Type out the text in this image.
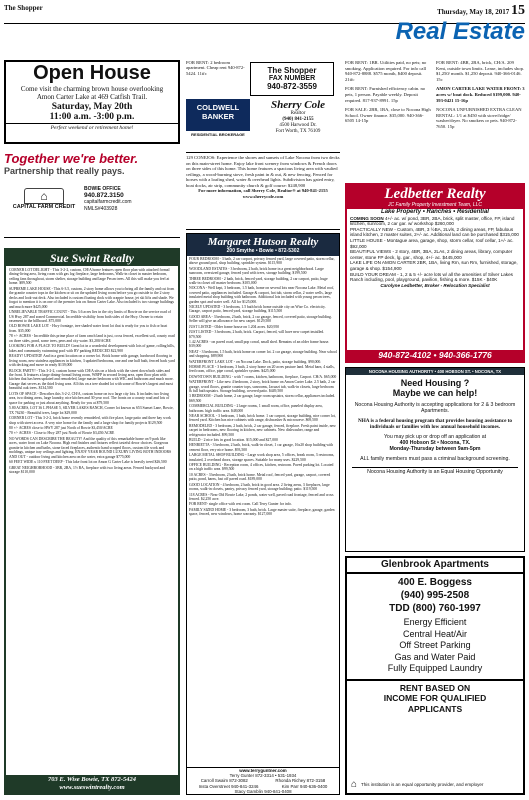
The Shopper	Thursday, May 18, 2017 15
Real Estate
Open House
Come visit the charming brown house overlooking Amon Carter Lake at 469 Catfish Trail.
Saturday, May 20th
11:00 a.m. -3:00 p.m.
Perfect weekend or retirement home!
Together we're better.
Partnership that really pays.
⌂
CAPITAL FARM CREDIT
BOWIE OFFICE
940.872.3150
capitalfarmcredit.com
NMLS#403928
Sue Swint Realty

CORNER LOT DELIGHT - This 3-2-2, custom, CH/A home features open floor plan with attached formal dining-living area, living room with gas log fireplace, large bedrooms, Walk-in closet in master bedroom, ceiling fans throughout, storm shelter, storage building and large Pecan trees. All this will make you feel at home. $89,500

SUPREME LAKE HOUSE - This 6-3.5, custom, 2 story home allows you to bring all the family and cut from the granite counter tops in the kitchen or sit on the updated living room before you go outside to the 2 story decks and look-out deck. Also included is custom floating dock with crappie house, jet ski lifts and shade. We forgot to mention it is on one of the premier lots on Amon Carter Lake. Also included is two storage buildings and much more $425,000

UNBELIEVABLE TRAFFIC COUNT - This 3.6 acres lies in the city limits of Bowie on the service road of US Hwy 287 and zoned Commercial. Incredible visibility from both sides of the Hwy. Owner to retain easement to the billboard. $75,000

OLD BOWIE LAKE LOT - Hwy frontage, tree shaded water front lot that is ready for you to fish or boat from. $35,000

78 +/- ACRES - Incredible this prime place of farm ranch land is just, cross fenced, excellent soil, county road on three sides, pond, some trees, pens and city water. $3,200/ACRE

LOOKING FOR A PLACE TO BUILD? Great lot in a wonderful development with lots of game, rolling hills, lakes and community swimming pool with RV parking REDUCED $22,900

READY! UPDATED! And in a great location on a corner lot. Brick home with garage, hardwood flooring in living room, new stainless appliances in kitchen, 3 updated bedrooms, one and one half bath, fenced back yard with decking and move in ready $139,000

BLOCK PARTY! - This 3-2-2, custom home with CH/A sits on a block with the street down both sides and the front. It features a large dining-formal living room, WBFP in second living area, open floor plan with kitchen that has been updated and remodeled, large master bedroom with WIC and bathroom and much more. Garage that serves as the third living area. All this on a tree shaded lot with some of Bowie's largest and most beautiful oak trees. $134,500

LOTS OF SPACE - Describes this 3-2-2, CH/A, custom home on two large city lots. It includes two living area, two dining areas, large laundry, nice kitchen and 30 year roof. The fronts on a county road and lots of space for parking or just about anything. Ready for you at $79,500

5.80 ACRES, LOT 36 L PHASE 5, SILVER LAKES RANCH, Corner lot known as 653 Sunset Lane, Bowie, TX 76230 - Beautiful trees, large lot $29,000

CORNER LOT - This 3-2-2, brick home recently remodeled, with fire place, large patio and three bay work shop with street access. A very nice home for the family and a large shop for family projects $129,500

80 +/- ACRES close to HWY 287 just North of Bowie $3,450/ACRE

70 +/- ACRES - Close to Hwy 287 just North of Bowie $3,450/ACRE

NO WORDS CAN DESCRIBE THE BEAUTY! And the quality of this remarkable home on 9 park like acres, water front on Lake Nocona. High end finishes and fixtures reflect tasteful decor choices. Gorgeous granite in kitchen and baths, stone faced fireplaces, authentic hand scraped floors, custom tile work and moldings, unique tray ceilings and lighting. ENJOY YEAR ROUND LUXURY LIVING BOTH INDOORS AND OUT - outdoor living and kitchen area on the water, extra garage $775,000

60 FEET WIDE x 110 FEET DEEP - This lake front lot on Amon G Carter Lake is heavily treed $26,500

GREAT NEIGHBORHOOD - 3BR, 2BA, 1½ BA, fireplace with two living areas. Fenced backyard and storage $110,000

703 E. Wise Bowie, TX 872-5424
www.sueswintrealty.com
FOR RENT: 2 bedroom apartment. Cheap rent 940-872-5424. 11tfc	The Shopper
FAX NUMBER
940-872-3559
COLDWELL BANKER
RESIDENTIAL BROKERAGE
Sherry Cole
Realtor
(940) 841-2155
4500 Harwood Dr.
Fort Worth, TX 76109
129 CONEJOS: Experience the shores and sunsets of Lake Nocona from two decks on this main-street home. Enjoy lake front scenery from windows & French doors on three sides of this home. This home features a spacious living area with vaulted ceilings, a wood-burning stove, fresh paint in & out, & new fencing. Fenced for horses with a loafing shed, water & overhead lights. Subdivision has gated entry, boat docks, air strip, community church & golf course: $248,900
For more information, call Sherry Cole, Realtor® at 940-841-2155
www.sherrycole.com
Margaret Hutson Realty
200 Smythe • Bowie • 872-5302

FOUR BEDROOM - 3 bath, 2 car carport, privacy fenced yard, large covered patio, storm cellar, above ground pool, shop building, sprinkler system. $115,900

WOODLAND ESTATES - 3 bedroom, 2 bath, brick home in a great neighborhood. Large sunroom, oversized garage, fenced yard with trees, storage building. $199,500

THREE BEDROOM - 2 bath, brick, fenced yard, storage building, 2 car carport, patio, huge walk-in closet off master bedroom. $105,000

NOCONA - Well kept, 3 bedroom, 1.5 bath, home on several lots near Nocona Lake. Metal roof, covered patio, appliances included. Garage & carport, hot tub, storm cellar, 2 water wells, large insulated metal shop building with bathroom. Additional lots included with young pecan trees, garden spot and water well. All for $125,000.

NICELY UPDATED - 3 bedroom, 1.5 bath brick home outside city on Wise Co. electricity. Garage, carport patio, fenced yard, storage building. $115,500

GOOD AREA - 3 bedroom, 2 bath, brick, 2 car garage, fenced, covered patio, storage building. Seller will give an allowance for new carpet. $129,500

JUST LISTED - Older frame house on 1.204 acres. $20,950

JUST LISTED - 3 bedroom, 2 bath, brick. Carport, fenced, will have new carpet installed. $79,500

1.42 ACRES - on paved road, small pop corral, small shed. Remains of an older frame house. $39,000

NEAT - 3 bedroom, 1.5 bath, brick home on corner lot. 2 car garage, storage building. Near school and shopping. $89,900

WATERFRONT LAKE LOT - on Nocona Lake. Dock, patio, storage building. $90,000.

HORSE PLACE - 3 bedroom, 3 bath, 2 story home on 20 acres pasture land. Metal barn, 4 stalls, feed room, office, pipe corral, sprinkler system. $425,000

DOWNTOWN BUILDING - with 7 rooms, kitchen, bathroom, fireplace, Carport. CH/A. $65,000

WATERFRONT - Like new 4 bedroom, 2 story, brick home on Amon Carter Lake. 2.5 bath, 2 car garage, wood floors, granite counter tops, sunrooms, Jacuzzi tub, walk-in closets, large bedroom & full bath upstairs. Storage building, covered patio. $449,500

3 BEDROOM - 2 bath home, 2 car garage, large room upstairs, storm cellar, appliances included. $69,500

COMMERCIAL BUILDING - 2 large rooms, 1 small room, office, paneled display area, bathroom. high traffic area. $48,000

NEAR SCHOOL - 3 bedroom, 1 bath, brick home. 1 car carport, storage building, nice corner lot, fenced yard. Kitchen has nice cabinets with range, dishwasher & microwave. $69,500

REMODELED - 3 bedroom, 2 bath, brick, 2 car garage, fenced, fireplace. Fresh paint inside, new carpet in bedrooms, new flooring in kitchen, new cabinets. New dishwasher, range and refrigerator included. $99,500

BUILD - 2 nice lots in good location. $15,000 and $27,000

HENRIETTA - 3 bedroom, 2 bath, brick, walk-in closet, 1 car garage, 16x20 shop building with cement floor, very nice home. $93,500

LARGE METAL SHOP BUILDING - Large work shop area, 5 offices, break room, 3 restrooms, insulated, 2 overhead doors, storage spaces. Suitable for many uses. $229,500

OFFICE BUILDING - Reception room, 4 offices, kitchen, restroom. Paved parking lot. Located on a high traffic area. $99,500

10 ACRES - 3 bedroom, 2 bath, brick home. Metal roof, fenced yard, garage, carport, covered patio, pond, barns, fast off paved road. $189,000

GOOD LOCATION - 4 bedroom, 2 bath, brick in good area. 2 living areas, 3 fireplaces, large rooms, walk-in closets, pantry, privacy fenced yard, storage building; patio. $119,500

118 ACRES - Near Old Bowie Lake, 2 ponds, water well, paved road frontage, fenced and cross fenced. $2,250 acre.

FOR RENT- single office with rest room. Call Terry Gunter for info.

FAMILY SIZED HOME - 3 bedroom, 3 bath, brick. Large master suite, fireplace, garage, garden space, fenced, new windows, home warranty. $127,000

www.terryguntner.com
Terry Gunter 872-3314 • 531-1934
Carroll Swaim 872-3082	Rhonda Richey 872-3158
Insta Overstreet 940-841-3246	Kim Parr 940-636-0400
Stacy Gamblin 940-841-0408

FOR RENT: 1BR. Utilities paid, no pets; no smoking. Application required. For info call 940-872-8888. $575 month, $400 deposit. 21tfc

FOR RENT: Furnished efficiency cabin. no pets, 1 person. Payable weekly. Deposit required. 817-937-8991. 15p

FOR SALE: 2BR, 1BA, close to Nocona High School. Owner finance. $35,000. 940-366-6505 14-15p

FOR RENT: 4BR, 2BA, brick, CH/A. 209 Kent, outside town limits. Lease, includes shop. $1,250/ month. $1,250 deposit. 940-366-0146. 15c

AMON CARTER LAKE WATER FRONT: 3 acres w/ boat dock. Reduced $199,000. 940-393-0421 15-16p

NOCONA UNFURNISHED EXTRA CLEAN RENTAL: 1/1 at $450 with stove/fridge/ washer/dryer. No smokers or pets. 940-872-7650. 15p

Ledbetter Realty
JC Family Property Investment Team, LLC
Lake Property • Ranches • Residential

COMING SOON 4+/- ac. w/ pond, 3BR, 2BA, brick, split master, office, FP, island kitchen, sunroom, 2 car gar. w/ workshop $260,000

PRACTICALLY NEW - Custom, 4BR, 3 ½BA, 2Lvls, 2 dining areas, FP, fabulous island kitchen, 2 master suites, 2+/- ac. Additional land can be purchased $315,000

LITTLE HOUSE - Montague area, garage, shop, storm cellar, roof cellar, 1+/- ac. $92,000

BEAUTIFUL VIEWS - 2 story, 4BR, 3BA, 2LAs, 2 dining areas, library, computer center, stone FP deck, lg. gar., shop, 4+/- ac. $445,000

LAKE LIFE ON AMON CARTER 2BR, 1BA, living Rm, sun Rm, furnished, storage, garage & shop. $154,900

BUILD YOUR DREAM - 1, 2 & 5 +/- acre lots w/ all the amenities of Silver Lakes Ranch including, pool, playground, pavilion, fishing & more. $15K - $40K

Carolyne Ledbetter, Broker - Relocation Specialist

940-872-4102 • 940-366-1776
NOCONA HOUSING AUTHORITY • 400 HOBSON ST. • NOCONA, TX
Need Housing ?
Maybe we can help!

Nocona Housing Authority is accepting applications for 2 & 3 bedroom Apartments.

NHA is a federal housing program that provides housing assistance to individuals or families with low annual household incomes.

You may pick up or drop off an application at

400 Hobson St • Nocona, TX.

Monday-Thursday between 9am-5pm

ALL family members must pass a criminal background screening.

Nocona Housing Authority is an Equal Housing Opportunity

Glenbrook Apartments
400 E. Boggess
(940) 995-2508
TDD (800) 760-1997
Energy Efficient
Central Heat/Air
Off Street Parking
Gas and Water Paid
Fully Equipped Laundry
RENT BASED ON
INCOME FOR QUALIFIED
APPLICANTS
⌂ This institution is an equal opportunity provider, and employer
